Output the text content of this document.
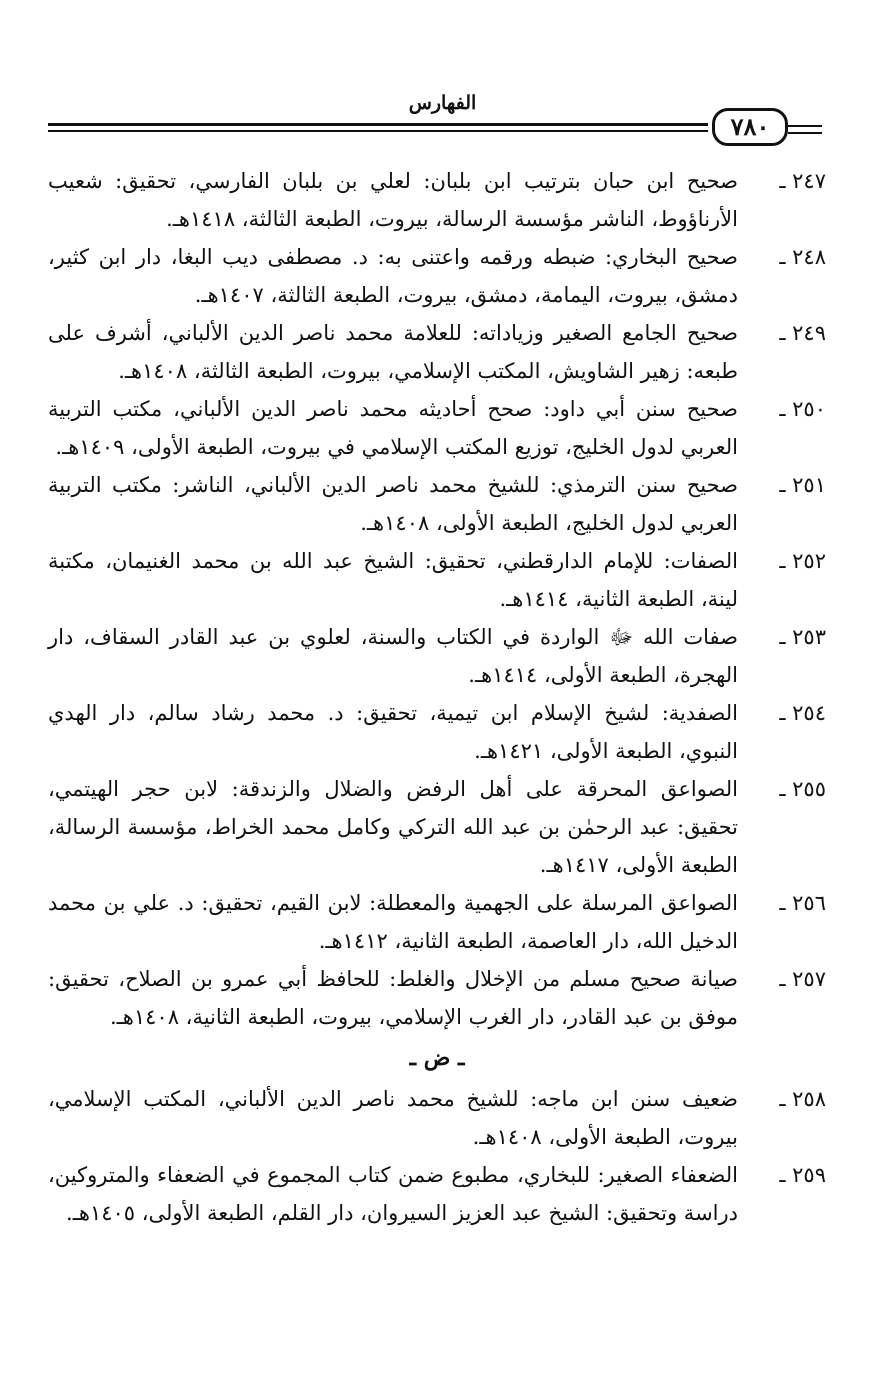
الفهارس
٧٨٠
٢٤٧ ـ
صحيح ابن حبان بترتيب ابن بلبان: لعلي بن بلبان الفارسي، تحقيق: شعيب الأرناؤوط، الناشر مؤسسة الرسالة، بيروت، الطبعة الثالثة، ١٤١٨هـ.
٢٤٨ ـ
صحيح البخاري: ضبطه ورقمه واعتنى به: د. مصطفى ديب البغا، دار ابن كثير، دمشق، بيروت، اليمامة، دمشق، بيروت، الطبعة الثالثة، ١٤٠٧هـ.
٢٤٩ ـ
صحيح الجامع الصغير وزياداته: للعلامة محمد ناصر الدين الألباني، أشرف على طبعه: زهير الشاويش، المكتب الإسلامي، بيروت، الطبعة الثالثة، ١٤٠٨هـ.
٢٥٠ ـ
صحيح سنن أبي داود: صحح أحاديثه محمد ناصر الدين الألباني، مكتب التربية العربي لدول الخليج، توزيع المكتب الإسلامي في بيروت، الطبعة الأولى، ١٤٠٩هـ.
٢٥١ ـ
صحيح سنن الترمذي: للشيخ محمد ناصر الدين الألباني، الناشر: مكتب التربية العربي لدول الخليج، الطبعة الأولى، ١٤٠٨هـ.
٢٥٢ ـ
الصفات: للإمام الدارقطني، تحقيق: الشيخ عبد الله بن محمد الغنيمان، مكتبة لينة، الطبعة الثانية، ١٤١٤هـ.
٢٥٣ ـ
صفات الله ﷻ الواردة في الكتاب والسنة، لعلوي بن عبد القادر السقاف، دار الهجرة، الطبعة الأولى، ١٤١٤هـ.
٢٥٤ ـ
الصفدية: لشيخ الإسلام ابن تيمية، تحقيق: د. محمد رشاد سالم، دار الهدي النبوي، الطبعة الأولى، ١٤٢١هـ.
٢٥٥ ـ
الصواعق المحرقة على أهل الرفض والضلال والزندقة: لابن حجر الهيتمي، تحقيق: عبد الرحمٰن بن عبد الله التركي وكامل محمد الخراط، مؤسسة الرسالة، الطبعة الأولى، ١٤١٧هـ.
٢٥٦ ـ
الصواعق المرسلة على الجهمية والمعطلة: لابن القيم، تحقيق: د. علي بن محمد الدخيل الله، دار العاصمة، الطبعة الثانية، ١٤١٢هـ.
٢٥٧ ـ
صيانة صحيح مسلم من الإخلال والغلط: للحافظ أبي عمرو بن الصلاح، تحقيق: موفق بن عبد القادر، دار الغرب الإسلامي، بيروت، الطبعة الثانية، ١٤٠٨هـ.
ـ ض ـ
٢٥٨ ـ
ضعيف سنن ابن ماجه: للشيخ محمد ناصر الدين الألباني، المكتب الإسلامي، بيروت، الطبعة الأولى، ١٤٠٨هـ.
٢٥٩ ـ
الضعفاء الصغير: للبخاري، مطبوع ضمن كتاب المجموع في الضعفاء والمتروكين، دراسة وتحقيق: الشيخ عبد العزيز السيروان، دار القلم، الطبعة الأولى، ١٤٠٥هـ.
